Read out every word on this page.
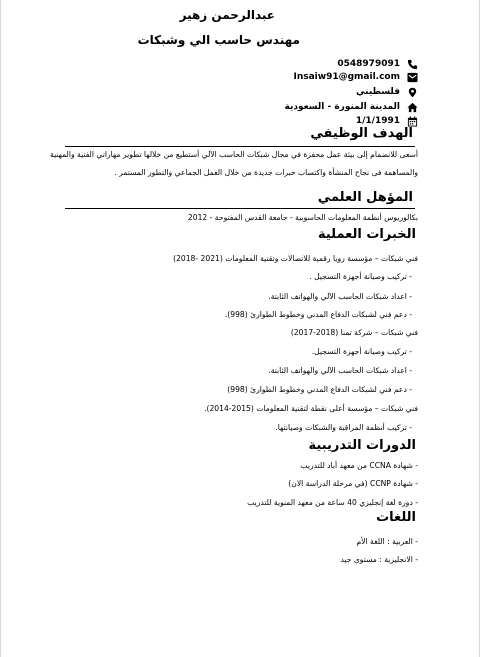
عبدالرحمن زهير
مهندس حاسب الي وشبكات
0548979091
Insaiw91@gmail.com
فلسطيني
المدينة المنورة - السعودية
1/1/1991
الهدف الوظيفي
أسعى للانضمام إلى بيئة عمل محفزة في مجال شبكات الحاسب الآلي أستطيع من خلالها تطوير مهاراتي الفنية والمهنية
والمساهمة فى نجاح المنشأة واكتساب خبرات جديدة من خلال العمل الجماعي والتطور المستمر .
المؤهل العلمي
بكالوريوس أنظمة المعلومات الحاسوبية - جامعة القدس المفتوحة - 2012
الخبرات العملية
فني شبكات – مؤسسة رويا رقمية للاتصالات وتقنية المعلومات (2021 -2018)
- تركيب وصيانة أجهزة التسجيل .
- اعداد شبكات الحاسب الآلي والهواتف الثابتة.
- دعم فني لشبكات الدفاع المدني وخطوط الطوارئ (998).
فني شبكات – شركة تمنا (2018-2017)
- تركيب وصيانة أجهزة التسجيل.
- اعداد شبكات الحاسب الآلي والهواتف الثابتة.
- دعم فني لشبكات الدفاع المدني وخطوط الطوارئ (998)
فني شبكات – مؤسسة أعلى نقطة لتقنية المعلومات (2015-2014).
- تركيب أنظمة المراقبة والشبكات وصيانتها.
الدورات التدريبية
- شهادة CCNA من معهد أباد للتدريب
- شهادة CCNP (في مرحلة الدراسة الان)
- دورة لغة إنجليزي 40 ساعة من معهد المنوية للتدريب
اللغات
- العربية : اللغة الأم
- الانجليزية : مستوى جيد
